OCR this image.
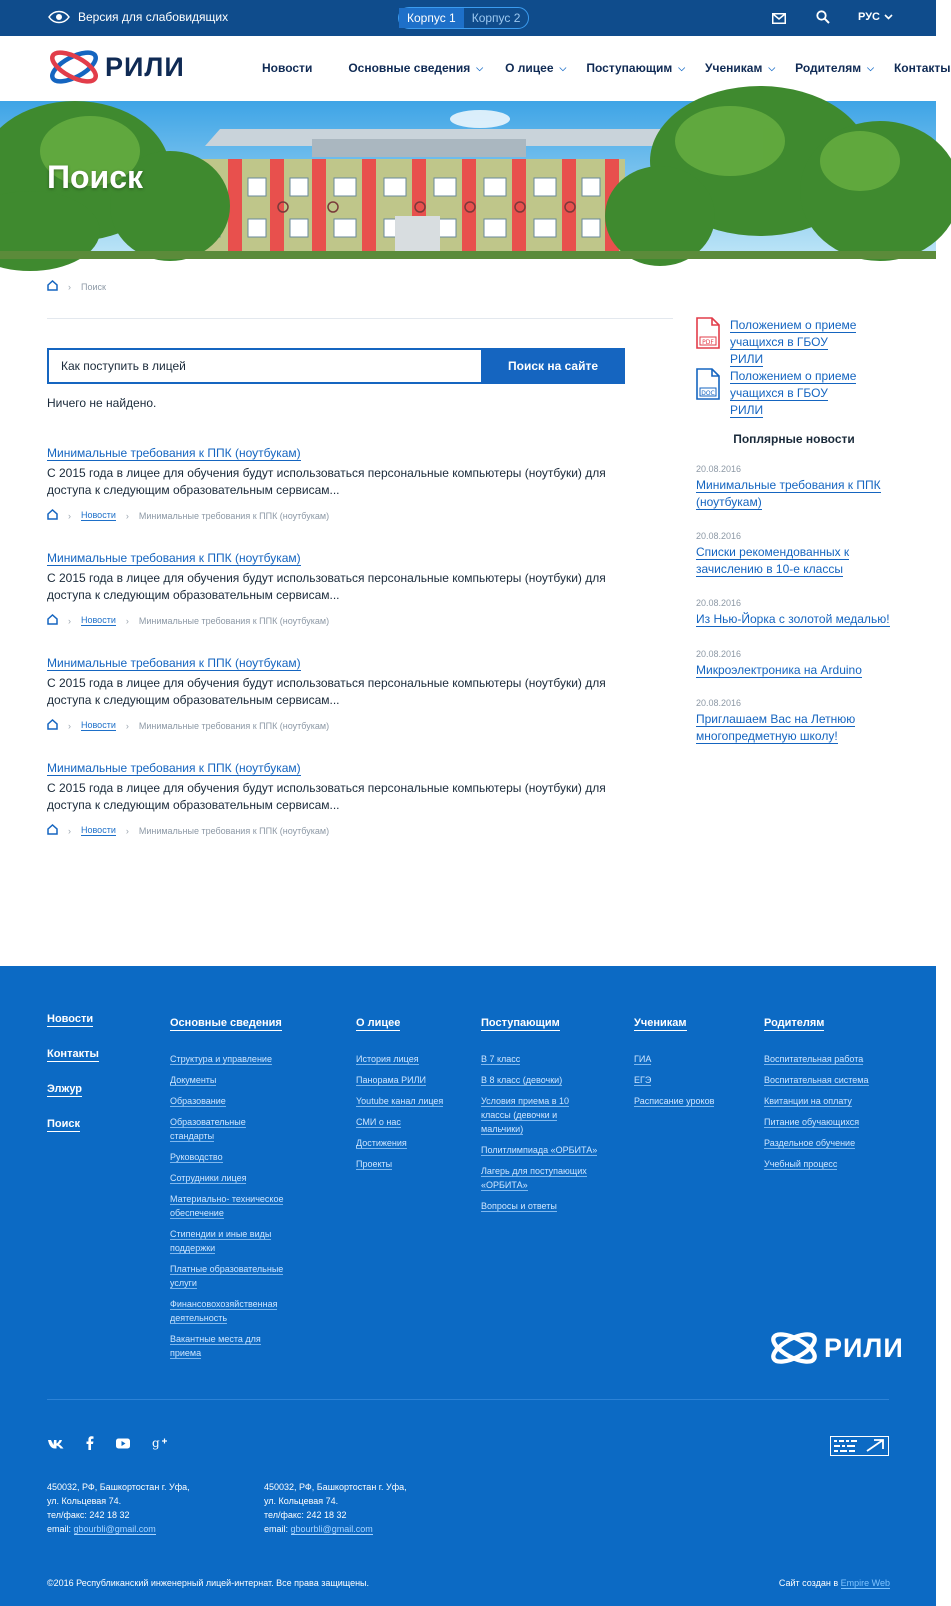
Версия для слабовидящих	Корпус 1	Корпус 2	РУС
РИЛИ	Новости	Основные сведения ⌵ О лицее ⌵ Поступающим ⌵ Ученикам ⌵ Родителям ⌵ Контакты
Поиск
› Поиск
Как поступить в лицей
Поиск на сайте
Ничего не найдено.
Минимальные требования к ППК (ноутбукам)
С 2015 года в лицее для обучения будут использоваться персональные компьютеры (ноутбуки) для доступа к следующим образовательным сервисам...
› Новости › Минимальные требования к ППК (ноутбукам)
Минимальные требования к ППК (ноутбукам)
С 2015 года в лицее для обучения будут использоваться персональные компьютеры (ноутбуки) для доступа к следующим образовательным сервисам...
› Новости › Минимальные требования к ППК (ноутбукам)
Минимальные требования к ППК (ноутбукам)
С 2015 года в лицее для обучения будут использоваться персональные компьютеры (ноутбуки) для доступа к следующим образовательным сервисам...
› Новости › Минимальные требования к ППК (ноутбукам)
Минимальные требования к ППК (ноутбукам)
С 2015 года в лицее для обучения будут использоваться персональные компьютеры (ноутбуки) для доступа к следующим образовательным сервисам...
› Новости › Минимальные требования к ППК (ноутбукам)
PDF
Положением о приеме учащихся в ГБОУ РИЛИ
DOC
Положением о приеме учащихся в ГБОУ РИЛИ
Поплярные новости
20.08.2016
Минимальные требования к ППК (ноутбукам)
20.08.2016
Списки рекомендованных к зачислению в 10-е классы
20.08.2016
Из Нью-Йорка с золотой медалью!
20.08.2016
Микроэлектроника на Arduino
20.08.2016
Приглашаем Вас на Летнюю многопредметную школу!
Новости
Контакты
Элжур
Поиск
Основные сведения
Структура и управление
Документы
Образование
Образовательные стандарты
Руководство
Сотрудники лицея
Материально- техническое обеспечение
Стипендии и иные виды поддержки
Платные образовательные услуги
Финансовохозяйственная деятельность
Вакантные места для приема
О лицее
История лицея
Панорама РИЛИ
Youtube канал лицея
СМИ о нас
Достижения
Проекты
Поступающим
В 7 класс
В 8 класс (девочки)
Условия приема в 10 классы (девочки и мальчики)
Политлимпиада «ОРБИТА»
Лагерь для поступающих «ОРБИТА»
Вопросы и ответы
Ученикам
ГИА
ЕГЭ
Расписание уроков
Родителям
Воспитательная работа
Воспитательная система
Квитанции на оплату
Питание обучающихся
Раздельное обучение
Учебный процесс
РИЛИ
g
450032, РФ, Башкортостан г. Уфа,
ул. Кольцевая 74.
тел/факс: 242 18 32
email: gbourbli@gmail.com
450032, РФ, Башкортостан г. Уфа,
ул. Кольцевая 74.
тел/факс: 242 18 32
email: gbourbli@gmail.com
©2016 Республиканский инженерный лицей-интернат. Все права защищены.	Сайт создан в Empire Web
